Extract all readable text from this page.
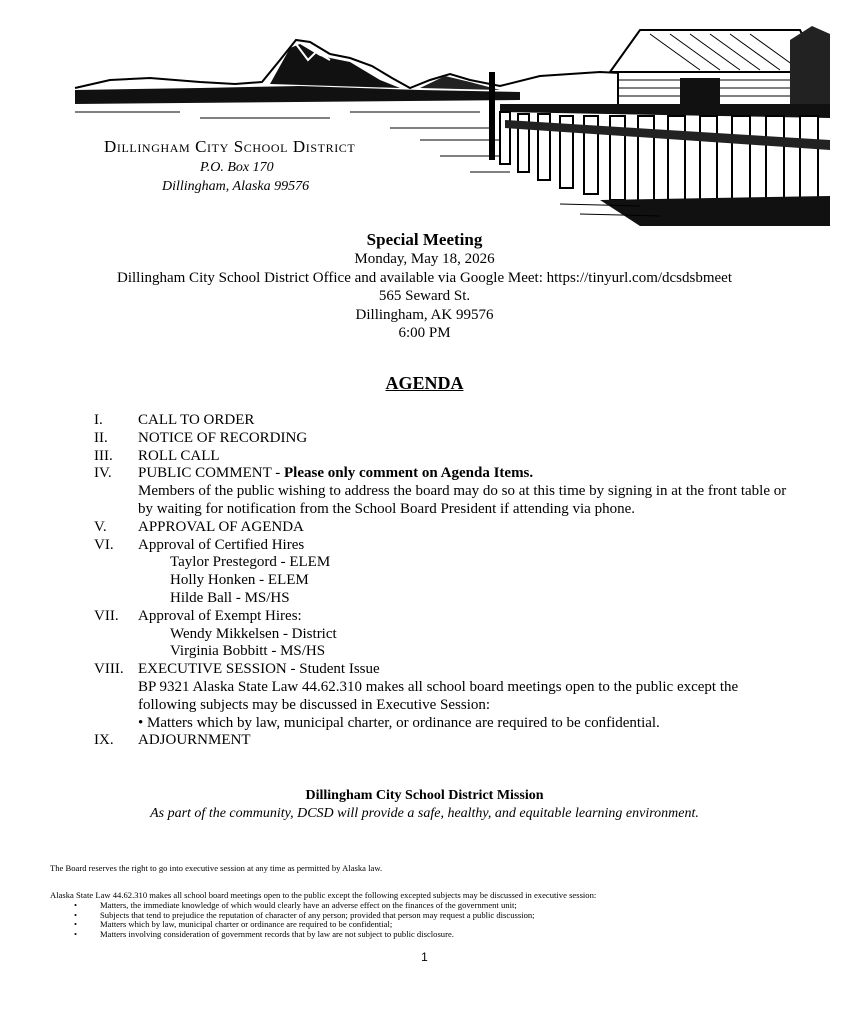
Dillingham City School District
P.O. Box 170
Dillingham, Alaska 99576
Special Meeting
Monday, May 18, 2026
Dillingham City School District Office and available via Google Meet: https://tinyurl.com/dcsdsbmeet
565 Seward St.
Dillingham, AK 99576
6:00 PM
AGENDA
I. CALL TO ORDER
II. NOTICE OF RECORDING
III. ROLL CALL
IV. PUBLIC COMMENT - Please only comment on Agenda Items.
Members of the public wishing to address the board may do so at this time by signing in at the front table or by waiting for notification from the School Board President if attending via phone.
V. APPROVAL OF AGENDA
VI. Approval of Certified Hires
Taylor Prestegord - ELEM
Holly Honken - ELEM
Hilde Ball - MS/HS
VII. Approval of Exempt Hires:
Wendy Mikkelsen - District
Virginia Bobbitt - MS/HS
VIII. EXECUTIVE SESSION - Student Issue
BP 9321 Alaska State Law 44.62.310 makes all school board meetings open to the public except the following subjects may be discussed in Executive Session:
• Matters which by law, municipal charter, or ordinance are required to be confidential.
IX. ADJOURNMENT
Dillingham City School District Mission
As part of the community, DCSD will provide a safe, healthy, and equitable learning environment.
The Board reserves the right to go into executive session at any time as permitted by Alaska law.
Alaska State Law 44.62.310 makes all school board meetings open to the public except the following excepted subjects may be discussed in executive session:
•	Matters, the immediate knowledge of which would clearly have an adverse effect on the finances of the government unit;
•	Subjects that tend to prejudice the reputation of character of any person; provided that person may request a public discussion;
•	Matters which by law, municipal charter or ordinance are required to be confidential;
•	Matters involving consideration of government records that by law are not subject to public disclosure.
1
